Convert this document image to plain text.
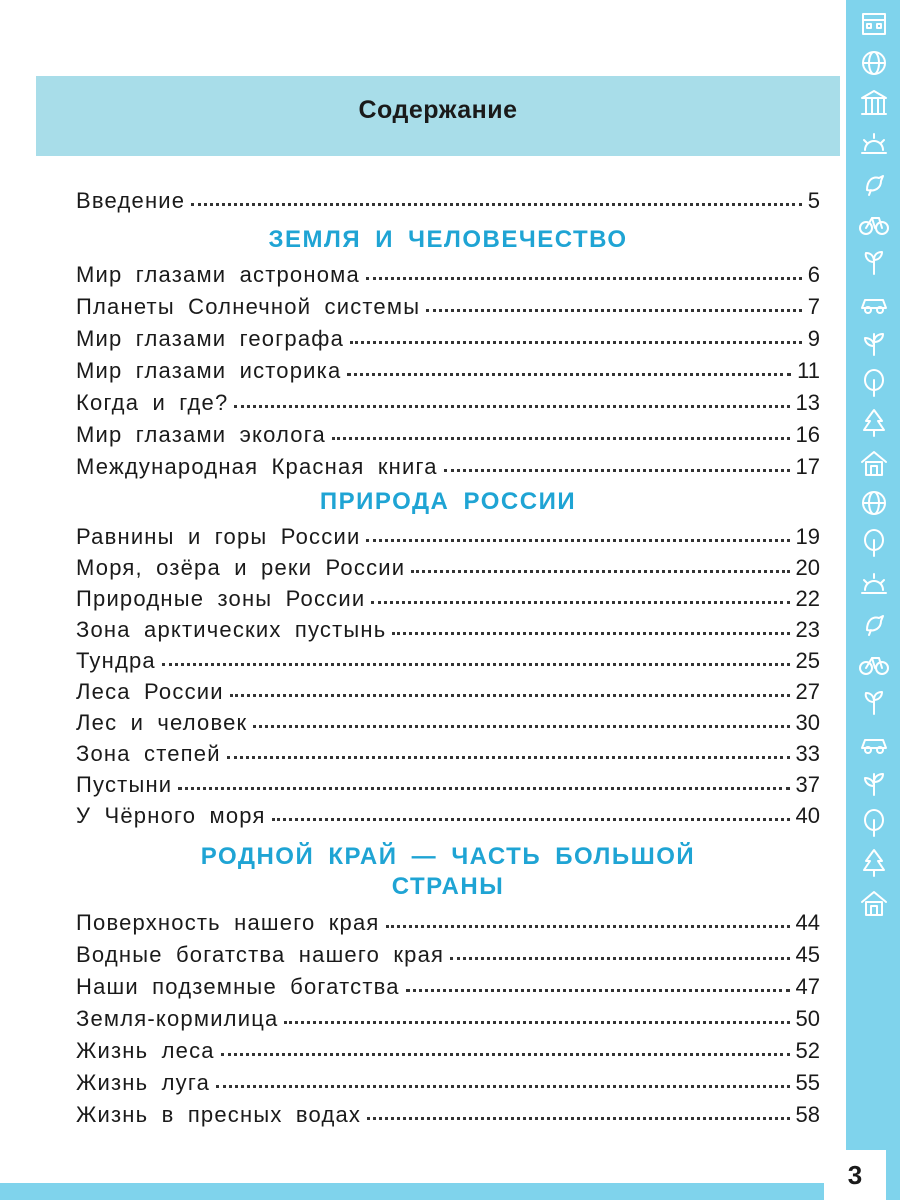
3
Содержание
Введение	5
ЗЕМЛЯ И ЧЕЛОВЕЧЕСТВО
Мир глазами астронома	6
Планеты Солнечной системы	7
Мир глазами географа	9
Мир глазами историка	11
Когда и где?	13
Мир глазами эколога	16
Международная Красная книга	17
ПРИРОДА РОССИИ
Равнины и горы России	19
Моря, озёра и реки России	20
Природные зоны России	22
Зона арктических пустынь	23
Тундра	25
Леса России	27
Лес и человек	30
Зона степей	33
Пустыни	37
У Чёрного моря	40
РОДНОЙ КРАЙ — ЧАСТЬ БОЛЬШОЙ
СТРАНЫ
Поверхность нашего края	44
Водные богатства нашего края	45
Наши подземные богатства	47
Земля-кормилица	50
Жизнь леса	52
Жизнь луга	55
Жизнь в пресных водах	58
